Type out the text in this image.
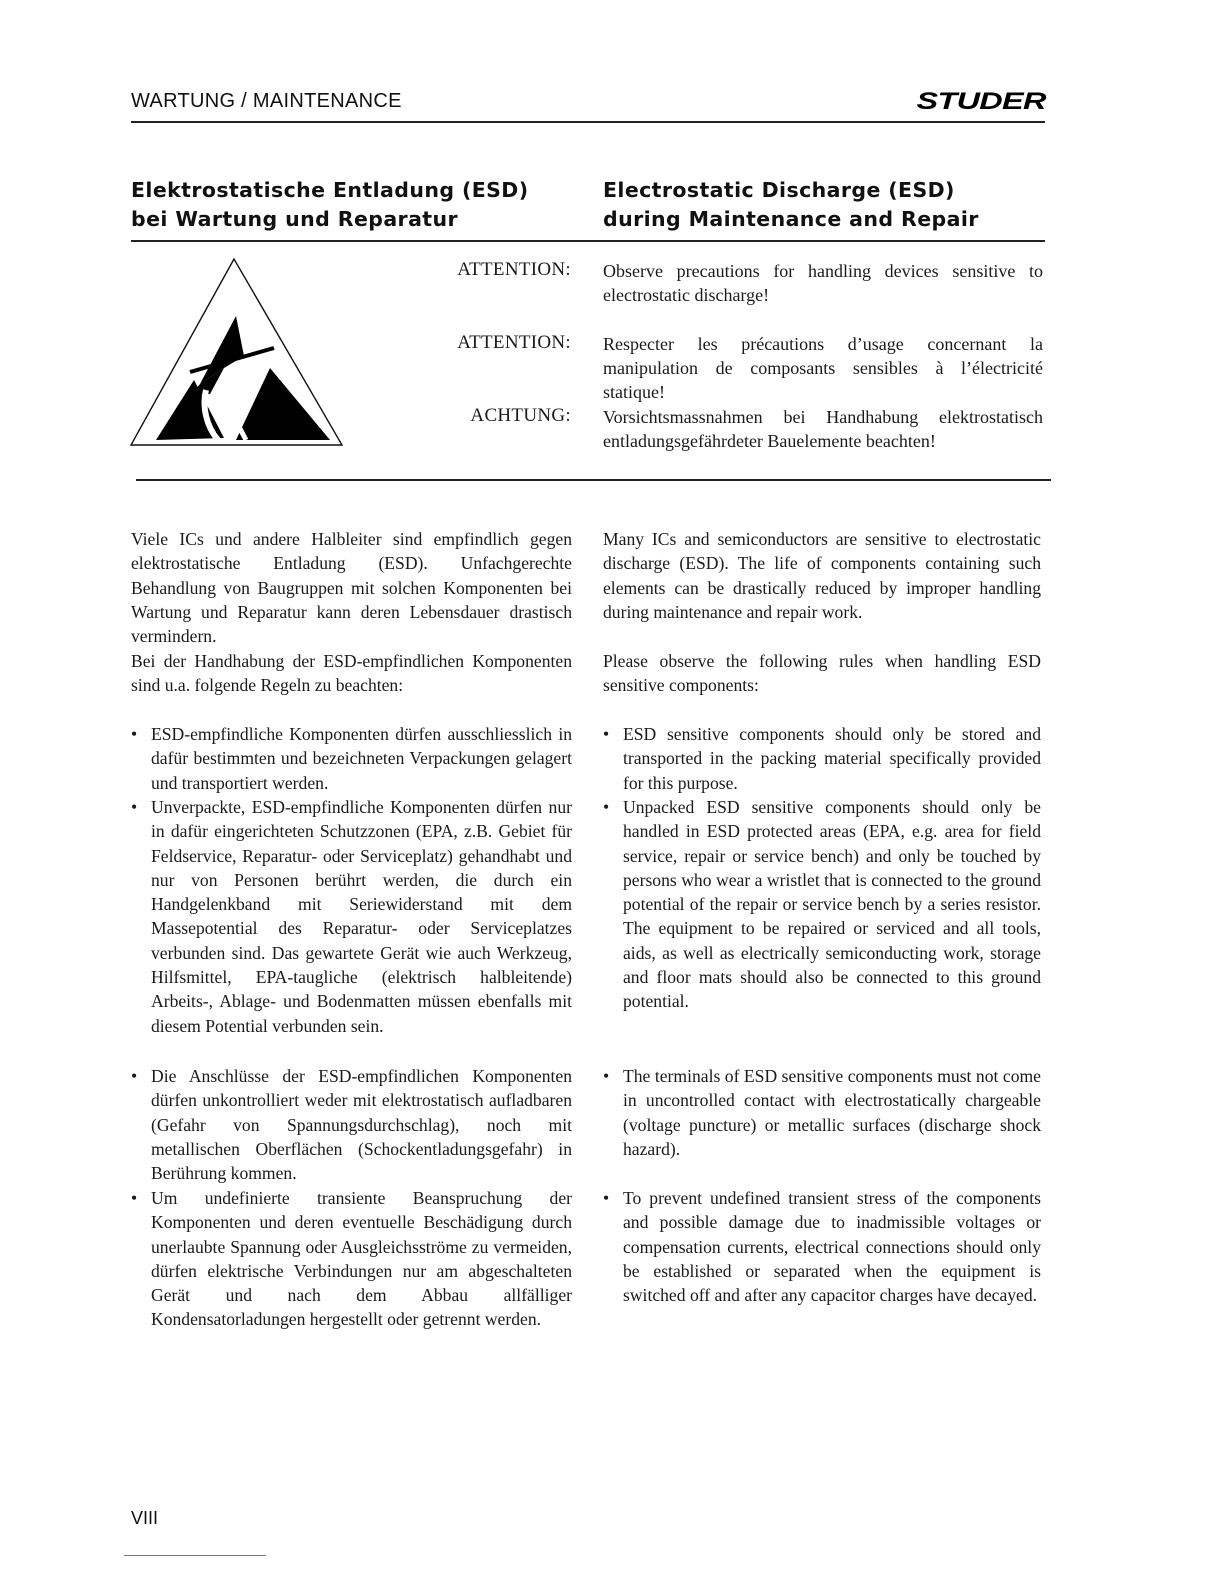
WARTUNG / MAINTENANCE	STUDER
Elektrostatische Entladung (ESD)
bei Wartung und Reparatur
Electrostatic Discharge (ESD)
during Maintenance and Repair
ATTENTION: Observe precautions for handling devices sensitive to electrostatic discharge!
ATTENTION: Respecter les précautions d’usage concernant la manipulation de composants sensibles à l’électricité statique!
ACHTUNG: Vorsichtsmassnahmen bei Handhabung elektrostatisch entladungsgefährdeter Bauelemente beachten!
Viele ICs und andere Halbleiter sind empfindlich gegen elektrostatische Entladung (ESD). Unfachgerechte Behandlung von Baugruppen mit solchen Komponenten bei Wartung und Reparatur kann deren Lebensdauer drastisch vermindern.
Bei der Handhabung der ESD-empfindlichen Komponenten sind u.a. folgende Regeln zu beachten:
• ESD-empfindliche Komponenten dürfen ausschliesslich in dafür bestimmten und bezeichneten Verpackungen gelagert und transportiert werden.
• Unverpackte, ESD-empfindliche Komponenten dürfen nur in dafür eingerichteten Schutzzonen (EPA, z.B. Gebiet für Feldservice, Reparatur- oder Serviceplatz) gehandhabt und nur von Personen berührt werden, die durch ein Handgelenkband mit Seriewiderstand mit dem Massepotential des Reparatur- oder Serviceplatzes verbunden sind. Das gewartete Gerät wie auch Werkzeug, Hilfsmittel, EPA-taugliche (elektrisch halbleitende) Arbeits-, Ablage- und Bodenmatten müssen ebenfalls mit diesem Potential verbunden sein.
• Die Anschlüsse der ESD-empfindlichen Komponenten dürfen unkontrolliert weder mit elektrostatisch aufladbaren (Gefahr von Spannungsdurchschlag), noch mit metallischen Oberflächen (Schockentladungsgefahr) in Berührung kommen.
• Um undefinierte transiente Beanspruchung der Komponenten und deren eventuelle Beschädigung durch unerlaubte Spannung oder Ausgleichsströme zu vermeiden, dürfen elektrische Verbindungen nur am abgeschalteten Gerät und nach dem Abbau allfälliger Kondensatorladungen hergestellt oder getrennt werden.
Many ICs and semiconductors are sensitive to electrostatic discharge (ESD). The life of components containing such elements can be drastically reduced by improper handling during maintenance and repair work.
Please observe the following rules when handling ESD sensitive components:
• ESD sensitive components should only be stored and transported in the packing material specifically provided for this purpose.
• Unpacked ESD sensitive components should only be handled in ESD protected areas (EPA, e.g. area for field service, repair or service bench) and only be touched by persons who wear a wristlet that is connected to the ground potential of the repair or service bench by a series resistor. The equipment to be repaired or serviced and all tools, aids, as well as electrically semiconducting work, storage and floor mats should also be connected to this ground potential.
• The terminals of ESD sensitive components must not come in uncontrolled contact with electrostatically chargeable (voltage puncture) or metallic surfaces (discharge shock hazard).
• To prevent undefined transient stress of the components and possible damage due to inadmissible voltages or compensation currents, electrical connections should only be established or separated when the equipment is switched off and after any capacitor charges have decayed.
VIII
